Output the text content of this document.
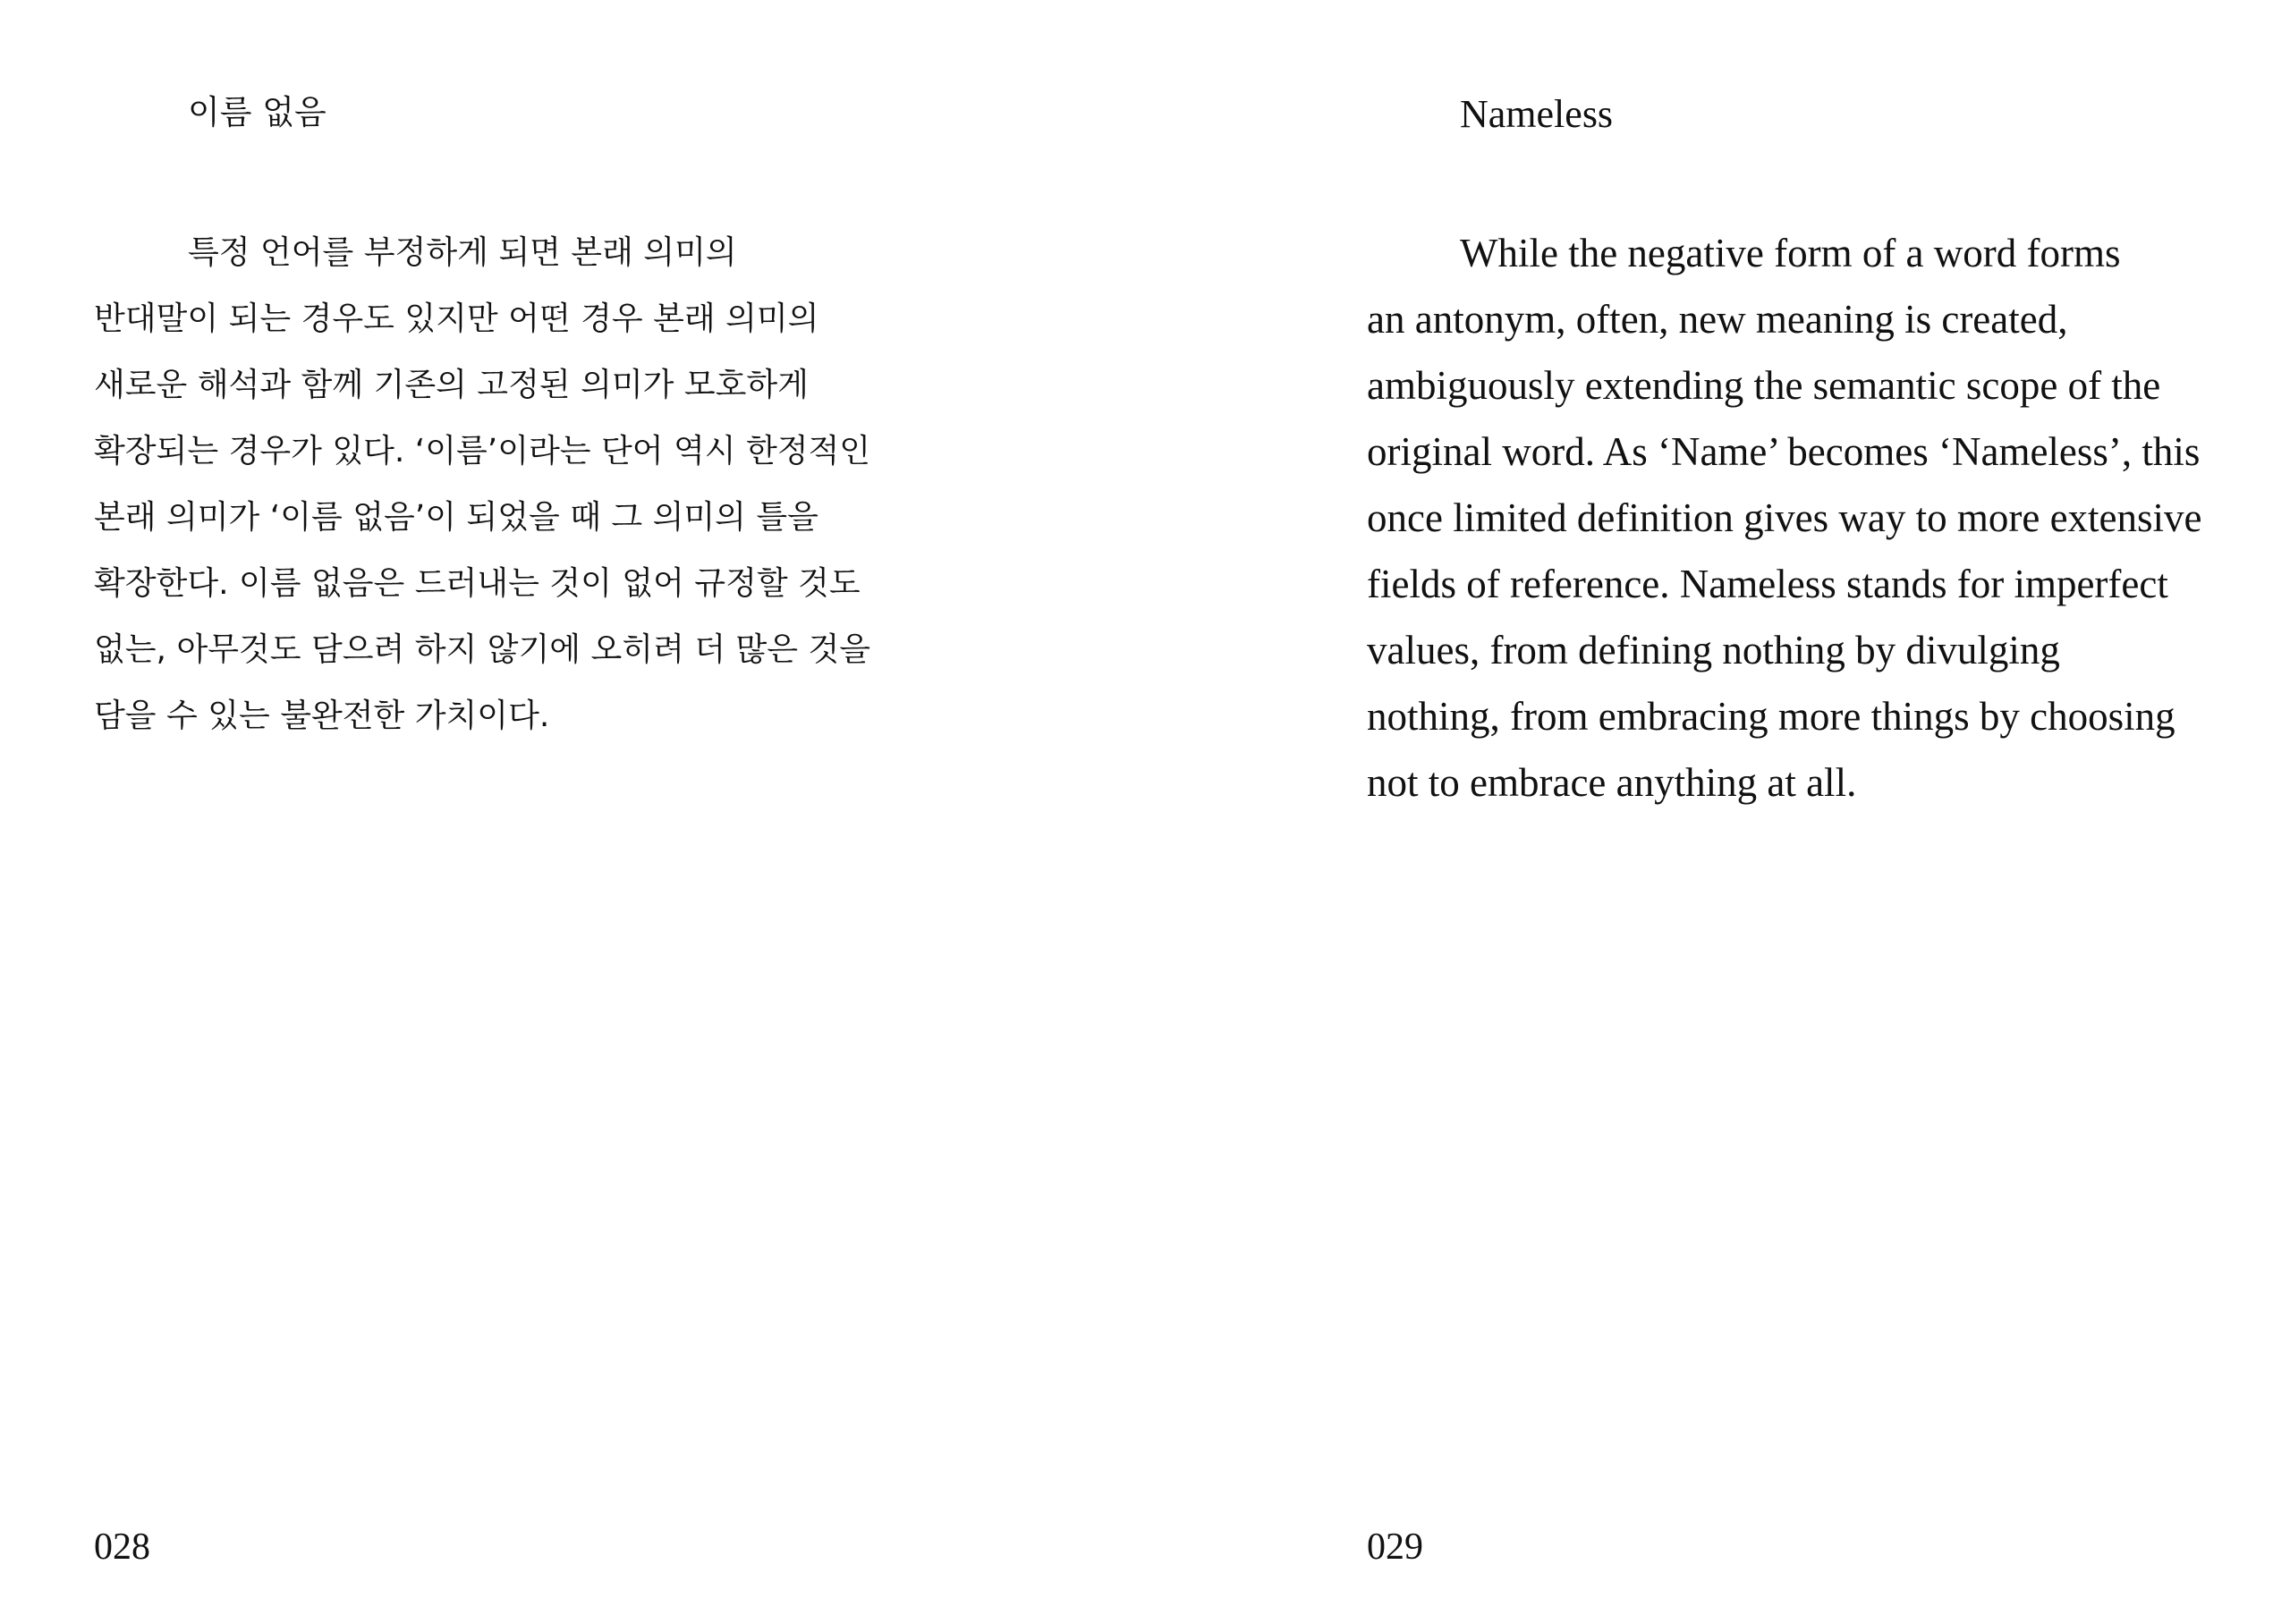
이름 없음

특정 언어를 부정하게 되면 본래 의미의
반대말이 되는 경우도 있지만 어떤 경우 본래 의미의
새로운 해석과 함께 기존의 고정된 의미가 모호하게
확장되는 경우가 있다. ‘이름’이라는 단어 역시 한정적인
본래 의미가 ‘이름 없음’이 되었을 때 그 의미의 틀을
확장한다. 이름 없음은 드러내는 것이 없어 규정할 것도
없는, 아무것도 담으려 하지 않기에 오히려 더 많은 것을
담을 수 있는 불완전한 가치이다.

028
Nameless

While the negative form of a word forms
an antonym, often, new meaning is created,
ambiguously extending the semantic scope of the
original word. As ‘Name’ becomes ‘Nameless’, this
once limited definition gives way to more extensive
fields of reference. Nameless stands for imperfect
values, from defining nothing by divulging
nothing, from embracing more things by choosing
not to embrace anything at all.

029
